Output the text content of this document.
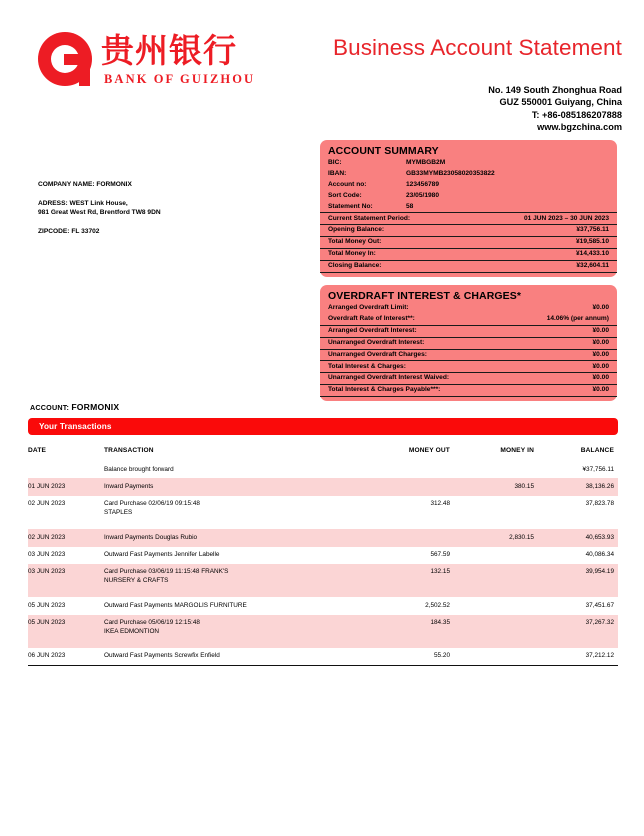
贵州银行
BANK OF GUIZHOU
Business Account Statement
No. 149 South Zhonghua Road
GUZ 550001 Guiyang, China
T: +86-085186207888
www.bgzchina.com
COMPANY NAME: FORMONIX
ADRESS: WEST Link House,
981 Great West Rd, Brentford TW8 9DN
ZIPCODE: FL 33702
ACCOUNT SUMMARY
BIC:	MYMBGB2M
IBAN:	GB33MYMB23058020353822
Account no:	123456789
Sort Code:	23/05/1980
Statement No:	58
Current Statement Period:	01 JUN 2023 – 30 JUN 2023
Opening Balance:	¥37,756.11
Total Money Out:	¥19,585.10
Total Money In:	¥14,433.10
Closing Balance:	¥32,604.11
OVERDRAFT INTEREST & CHARGES*
Arranged Overdraft Limit:	¥0.00
Overdraft Rate of Interest**:	14.06% (per annum)
Arranged Overdraft Interest:	¥0.00
Unarranged Overdraft Interest:	¥0.00
Unarranged Overdraft Charges:	¥0.00
Total Interest & Charges:	¥0.00
Unarranged Overdraft Interest Waived:	¥0.00
Total Interest & Charges Payable***:	¥0.00
ACCOUNT: FORMONIX
Your Transactions
DATE	TRANSACTION	MONEY OUT	MONEY IN	BALANCE
	Balance brought forward			¥37,756.11
01 JUN 2023	Inward Payments		380.15	38,136.26
02 JUN 2023	Card Purchase 02/06/19 09:15:48
STAPLES	312.48		37,823.78
02 JUN 2023	Inward Payments Douglas Rubio		2,830.15	40,653.93
03 JUN 2023	Outward Fast Payments Jennifer Labelle	567.59		40,086.34
03 JUN 2023	Card Purchase 03/06/19 11:15:48 FRANK'S
NURSERY & CRAFTS	132.15		39,954.19
05 JUN 2023	Outward Fast Payments MARGOLIS FURNITURE	2,502.52		37,451.67
05 JUN 2023	Card Purchase 05/06/19 12:15:48
IKEA EDMONTION	184.35		37,267.32
06 JUN 2023	Outward Fast Payments Screwfix Enfield	55.20		37,212.12
